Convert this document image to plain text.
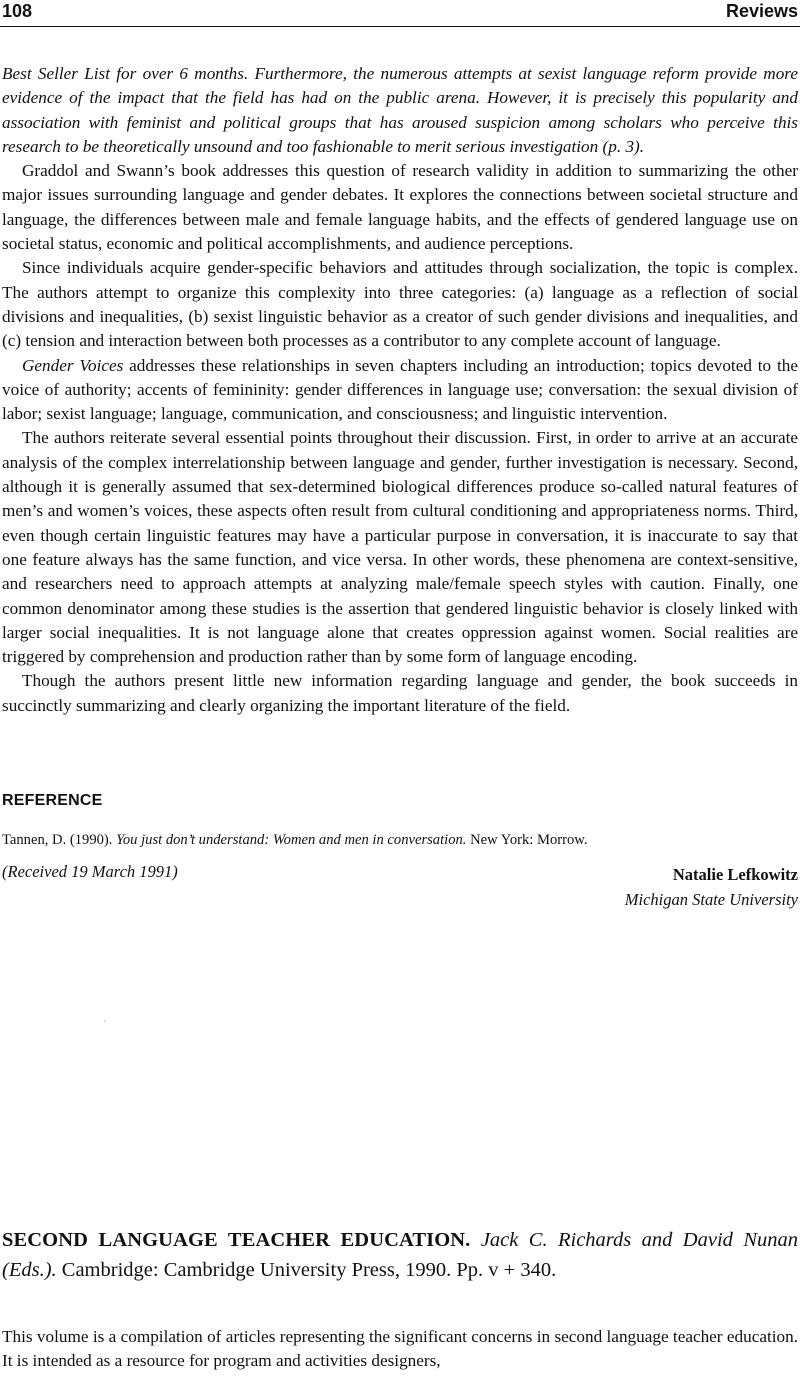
108	Reviews

Best Seller List for over 6 months. Furthermore, the numerous attempts at sexist language reform provide more evidence of the impact that the field has had on the public arena. However, it is precisely this popularity and association with feminist and political groups that has aroused suspicion among scholars who perceive this research to be theoretically unsound and too fashionable to merit serious investigation (p. 3).

Graddol and Swann’s book addresses this question of research validity in addition to summarizing the other major issues surrounding language and gender debates. It explores the connections between societal structure and language, the differences between male and female language habits, and the effects of gendered language use on societal status, economic and political accomplishments, and audience perceptions.

Since individuals acquire gender-specific behaviors and attitudes through socialization, the topic is complex. The authors attempt to organize this complexity into three categories: (a) language as a reflection of social divisions and inequalities, (b) sexist linguistic behavior as a creator of such gender divisions and inequalities, and (c) tension and interaction between both processes as a contributor to any complete account of language.

Gender Voices addresses these relationships in seven chapters including an introduction; topics devoted to the voice of authority; accents of femininity: gender differences in language use; conversation: the sexual division of labor; sexist language; language, communication, and consciousness; and linguistic intervention.

The authors reiterate several essential points throughout their discussion. First, in order to arrive at an accurate analysis of the complex interrelationship between language and gender, further investigation is necessary. Second, although it is generally assumed that sex-determined biological differences produce so-called natural features of men’s and women’s voices, these aspects often result from cultural conditioning and appropriateness norms. Third, even though certain linguistic features may have a particular purpose in conversation, it is inaccurate to say that one feature always has the same function, and vice versa. In other words, these phenomena are context-sensitive, and researchers need to approach attempts at analyzing male/female speech styles with caution. Finally, one common denominator among these studies is the assertion that gendered linguistic behavior is closely linked with larger social inequalities. It is not language alone that creates oppression against women. Social realities are triggered by comprehension and production rather than by some form of language encoding.

Though the authors present little new information regarding language and gender, the book succeeds in succinctly summarizing and clearly organizing the important literature of the field.

REFERENCE
Tannen, D. (1990). You just don’t understand: Women and men in conversation. New York: Morrow.
(Received 19 March 1991)	Natalie Lefkowitz
Michigan State University
SECOND LANGUAGE TEACHER EDUCATION. Jack C. Richards and David Nunan (Eds.). Cambridge: Cambridge University Press, 1990. Pp. v + 340.
This volume is a compilation of articles representing the significant concerns in second language teacher education. It is intended as a resource for program and activities designers,
